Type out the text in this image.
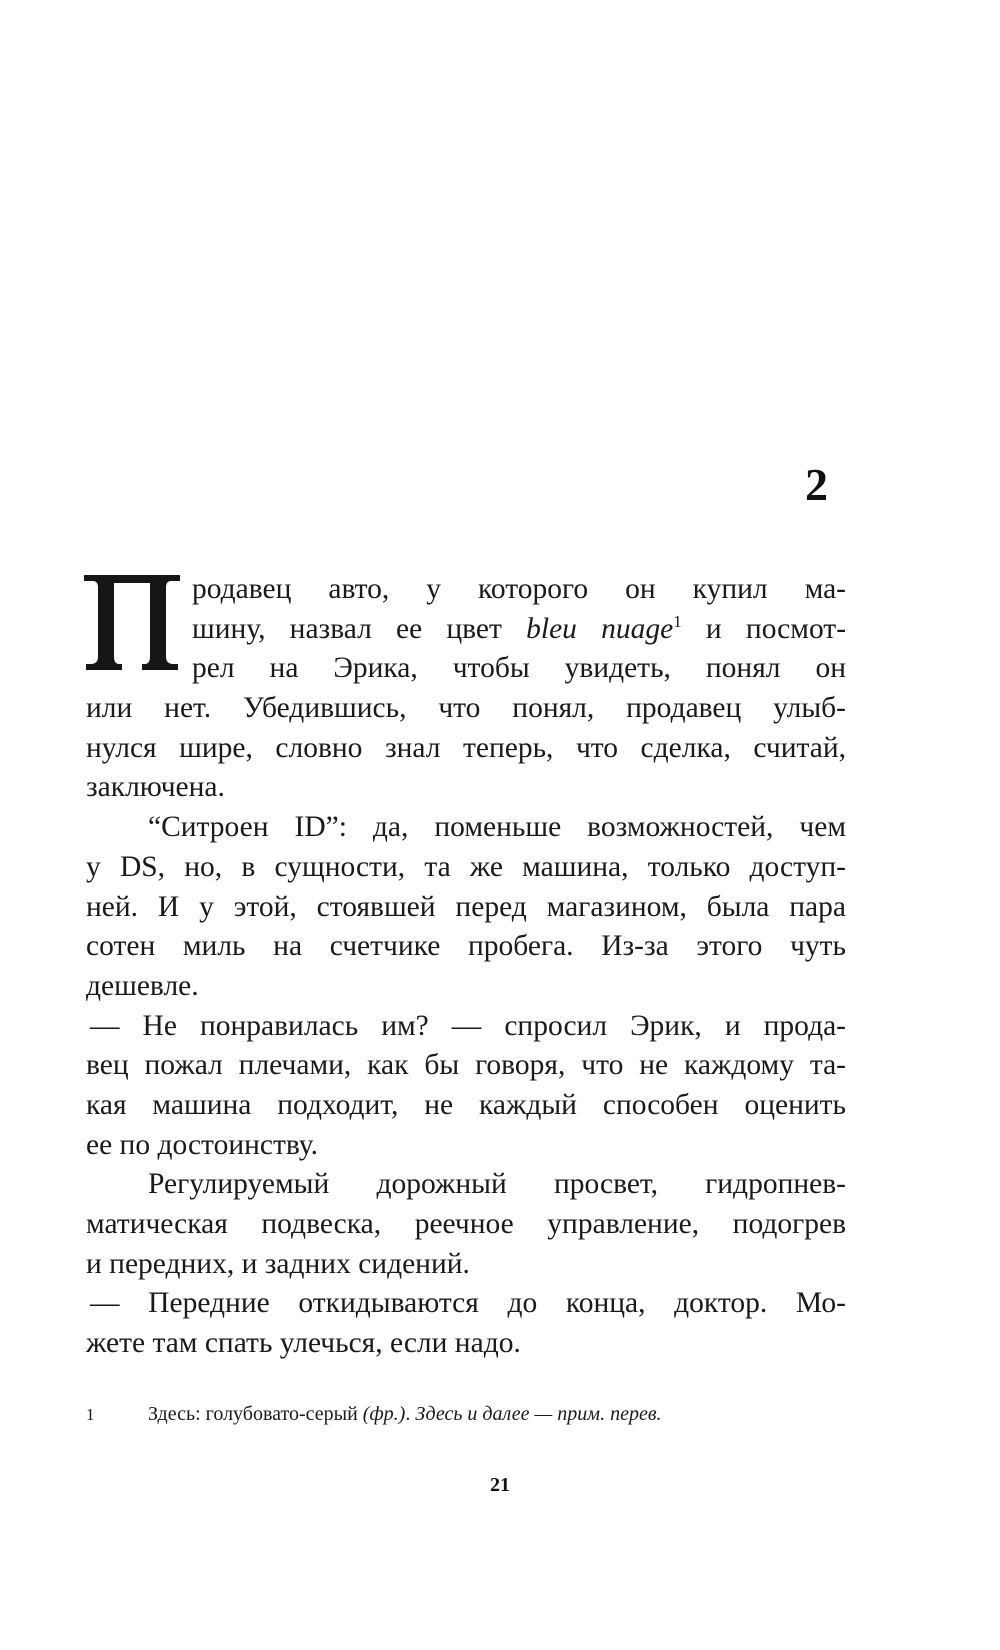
2
родавец авто, у которого он купил ма-
шину, назвал ее цвет bleu nuage$^1$ и посмот-
рел на Эрика, чтобы увидеть, понял он
или нет. Убедившись, что понял, продавец улыб-
нулся шире, словно знал теперь, что сделка, считай,
заключена.
“Ситроен ID”: да, поменьше возможностей, чем
у DS, но, в сущности, та же машина, только доступ-
ней. И у этой, стоявшей перед магазином, была пара
сотен миль на счетчике пробега. Из-за этого чуть
дешевле.
— Не понравилась им? — спросил Эрик, и прода-
вец пожал плечами, как бы говоря, что не каждому та-
кая машина подходит, не каждый способен оценить
ее по достоинству.
Регулируемый дорожный просвет, гидропнев-
матическая подвеска, реечное управление, подогрев
и передних, и задних сидений.
— Передние откидываются до конца, доктор. Мо-
жете там спать улечься, если надо.
1	Здесь: голубовато-серый (фр.). Здесь и далее — прим. перев.
21
